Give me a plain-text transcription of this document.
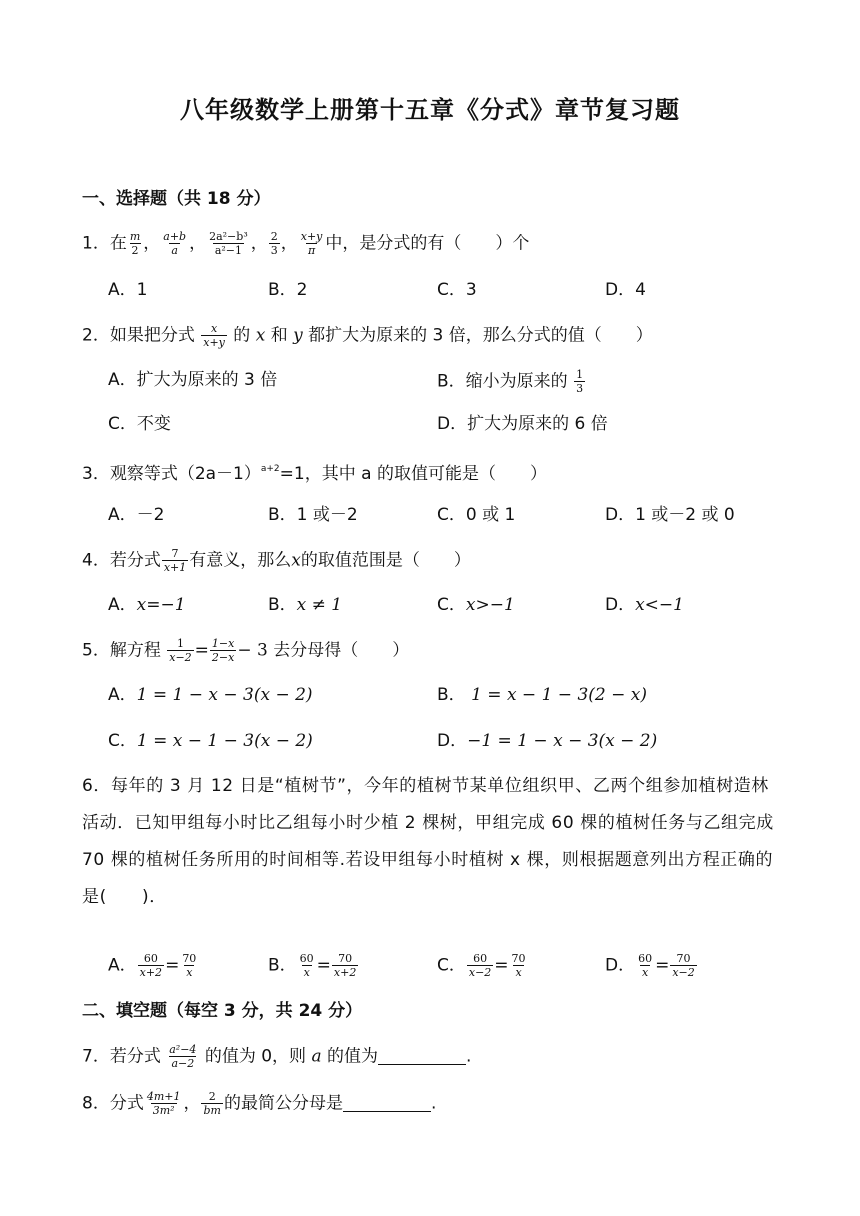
八年级数学上册第十五章《分式》章节复习题
一、选择题（共 18 分）
1．在 $\frac{m}{2}$ ， $\frac{a+b}{a}$ ， $\frac{\text{2a²−b³}}{\text{a²−1}}$ ， $\frac{2}{3}$ ， $\frac{x+y}{\pi}$ 中，是分式的有（　　）个
A．1	B．2	C．3	D．4
2．如果把分式 $\frac{x}{x+y}$ 的 x 和 y 都扩大为原来的 3 倍，那么分式的值（　　）
A．扩大为原来的 3 倍	B．缩小为原来的 $\frac{1}{3}$
C．不变	D．扩大为原来的 6 倍
3．观察等式$(2a-1)^{a+2}=1$，其中 a 的取值可能是（　　）
A．－2	B．1 或－2	C．0 或 1	D．1 或－2 或 0
4．若分式 $\frac{7}{x+1}$ 有意义，那么x的取值范围是（　　）
A．x=−1	B．x ≠ 1	C．x>−1	D．x<−1
5．解方程 $\frac{1}{x-2} = \frac{1-x}{2-x} - 3$ 去分母得（　　）
A．1 = 1 − x − 3(x − 2)	B． 1 = x − 1 − 3(2 − x)
C．1 = x − 1 − 3(x − 2)	D．−1 = 1 − x − 3(x − 2)
6．每年的 3 月 12 日是“植树节”，今年的植树节某单位组织甲、乙两个组参加植树造林活动．已知甲组每小时比乙组每小时少植 2 棵树，甲组完成 60 棵的植树任务与乙组完成 70 棵的植树任务所用的时间相等.若设甲组每小时植树 x 棵，则根据题意列出方程正确的是(　　)．
A． $\frac{60}{x+2} = \frac{70}{x}$	B． $\frac{60}{x} = \frac{70}{x+2}$	C． $\frac{60}{x-2} = \frac{70}{x}$	D． $\frac{60}{x} = \frac{70}{x-2}$
二、填空题（每空 3 分，共 24 分）
7．若分式 $\frac{\text{a²−4}}{a-2}$ 的值为 0，则 a 的值为	.
8．分式 $\frac{4m+1}{\text{3m²}}$ ， $\frac{2}{bm}$ 的最简公分母是	.
